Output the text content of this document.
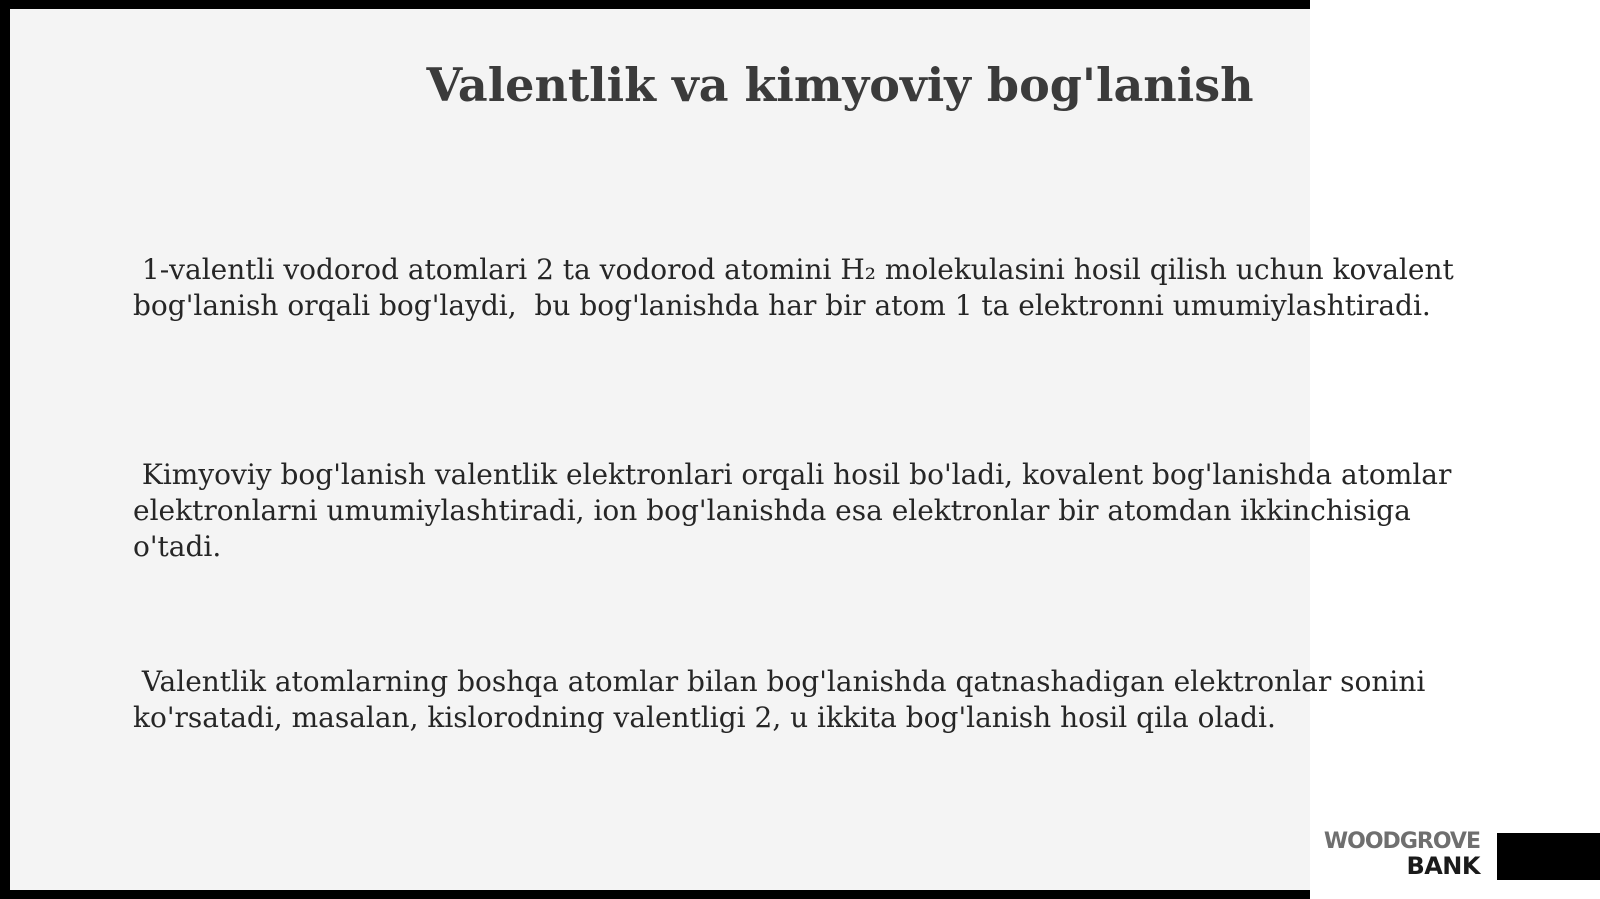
Valentlik va kimyoviy bog'lanish

1-valentli vodorod atomlari 2 ta vodorod atomini H₂ molekulasini hosil qilish uchun kovalent bog'lanish orqali bog'laydi,  bu bog'lanishda har bir atom 1 ta elektronni umumiylashtiradi.

Kimyoviy bog'lanish valentlik elektronlari orqali hosil bo'ladi, kovalent bog'lanishda atomlar elektronlarni umumiylashtiradi, ion bog'lanishda esa elektronlar bir atomdan ikkinchisiga o'tadi.

Valentlik atomlarning boshqa atomlar bilan bog'lanishda qatnashadigan elektronlar sonini ko'rsatadi, masalan, kislorodning valentligi 2, u ikkita bog'lanish hosil qila oladi.

WOODGROVE
BANK
